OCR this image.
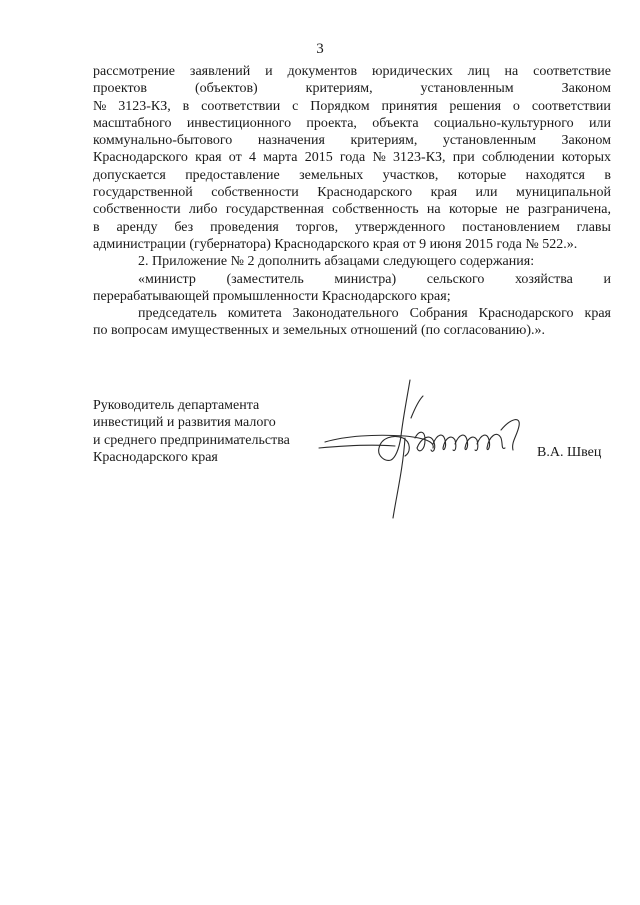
3
рассмотрение заявлений и документов юридических лиц на соответствие
проектов	(объектов)	критериям,	установленным	Законом
№ 3123-КЗ, в соответствии с Порядком принятия решения о соответствии
масштабного инвестиционного проекта, объекта социально-культурного или
коммунально-бытового назначения критериям, установленным Законом
Краснодарского края от 4 марта 2015 года № 3123-КЗ, при соблюдении которых
допускается предоставление земельных участков, которые находятся в
государственной собственности Краснодарского края или муниципальной
собственности либо государственная собственность на которые не разграничена,
в аренду без проведения торгов, утвержденного постановлением главы
администрации (губернатора) Краснодарского края от 9 июня 2015 года № 522.».
2. Приложение № 2 дополнить абзацами следующего содержания:
«министр (заместитель министра) сельского хозяйства и
перерабатывающей промышленности Краснодарского края;
председатель комитета Законодательного Собрания Краснодарского края
по вопросам имущественных и земельных отношений (по согласованию).».
Руководитель департамента
инвестиций и развития малого
и среднего предпринимательства
Краснодарского края	В.А. Швец
